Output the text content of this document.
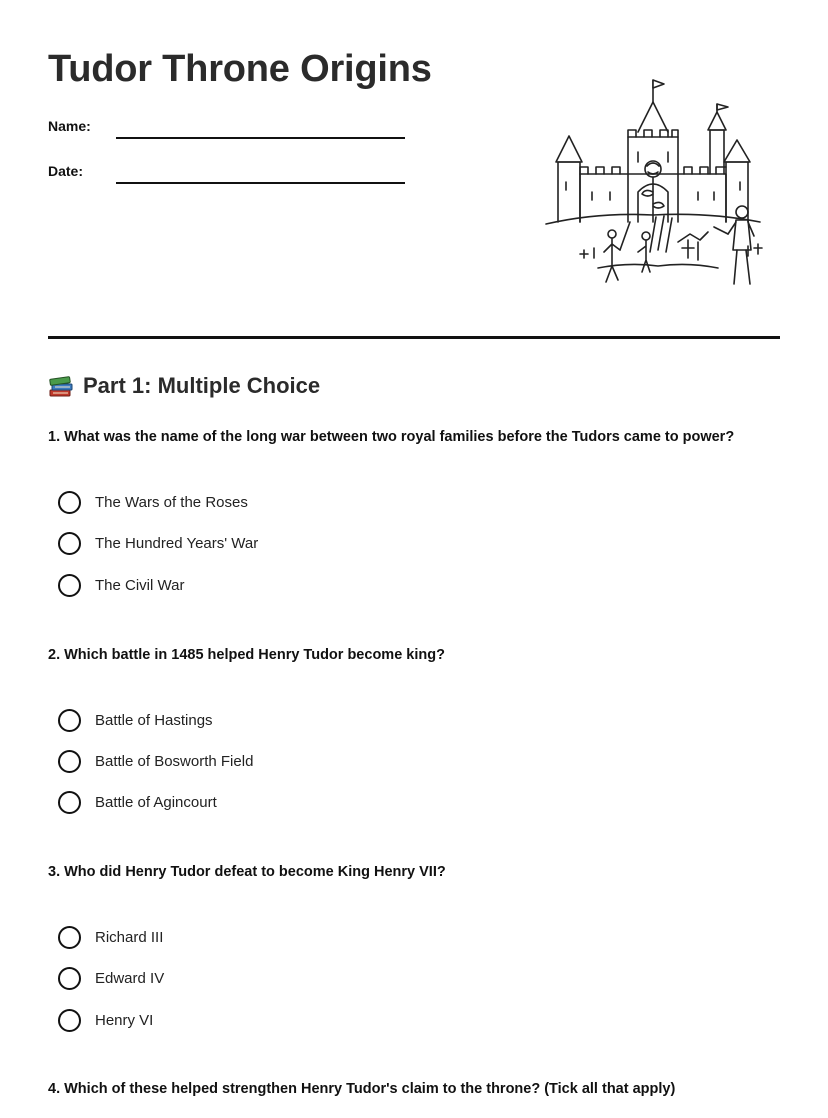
Tudor Throne Origins
Name:
Date:
Part 1: Multiple Choice
1. What was the name of the long war between two royal families before the Tudors came to power?
The Wars of the Roses
The Hundred Years' War
The Civil War
2. Which battle in 1485 helped Henry Tudor become king?
Battle of Hastings
Battle of Bosworth Field
Battle of Agincourt
3. Who did Henry Tudor defeat to become King Henry VII?
Richard III
Edward IV
Henry VI
4. Which of these helped strengthen Henry Tudor's claim to the throne? (Tick all that apply)
